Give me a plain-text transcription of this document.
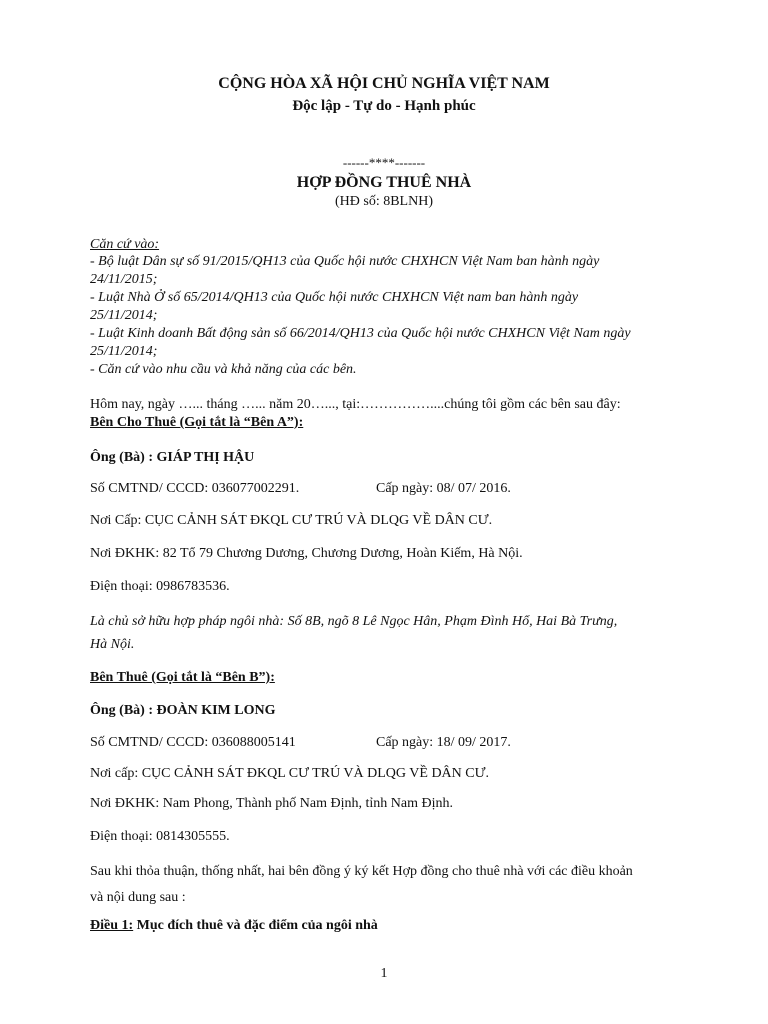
CỘNG HÒA XÃ HỘI CHỦ NGHĨA VIỆT NAM
Độc lập - Tự do - Hạnh phúc
------****-------
HỢP ĐỒNG THUÊ NHÀ
(HĐ số: 8BLNH)
Căn cứ vào:
- Bộ luật Dân sự số 91/2015/QH13 của Quốc hội nước CHXHCN Việt Nam ban hành ngày
24/11/2015;
- Luật Nhà Ở số 65/2014/QH13 của Quốc hội nước CHXHCN Việt nam ban hành ngày
25/11/2014;
- Luật Kinh doanh Bất động sản số 66/2014/QH13 của Quốc hội nước CHXHCN Việt Nam ngày
25/11/2014;
- Căn cứ vào nhu cầu và khả năng của các bên.
Hôm nay, ngày …... tháng …... năm 20…..., tại:……………....chúng tôi gồm các bên sau đây:
Bên Cho Thuê (Gọi tắt là “Bên A”):
Ông (Bà) : GIÁP THỊ HẬU
Số CMTND/ CCCD: 036077002291.	Cấp ngày: 08/ 07/ 2016.
Nơi Cấp: CỤC CẢNH SÁT ĐKQL CƯ TRÚ VÀ DLQG VỀ DÂN CƯ.
Nơi ĐKHK: 82 Tổ 79 Chương Dương, Chương Dương, Hoàn Kiếm, Hà Nội.
Điện thoại: 0986783536.
Là chủ sở hữu hợp pháp ngôi nhà: Số 8B, ngõ 8 Lê Ngọc Hân, Phạm Đình Hổ, Hai Bà Trưng,
Hà Nội.
Bên Thuê (Gọi tắt là “Bên B”):
Ông (Bà) : ĐOÀN KIM LONG
Số CMTND/ CCCD: 036088005141	Cấp ngày: 18/ 09/ 2017.
Nơi cấp: CỤC CẢNH SÁT ĐKQL CƯ TRÚ VÀ DLQG VỀ DÂN CƯ.
Nơi ĐKHK: Nam Phong, Thành phố Nam Định, tỉnh Nam Định.
Điện thoại: 0814305555.
Sau khi thỏa thuận, thống nhất, hai bên đồng ý ký kết Hợp đồng cho thuê nhà với các điều khoản
và nội dung sau :
Điều 1: Mục đích thuê và đặc điểm của ngôi nhà
1
